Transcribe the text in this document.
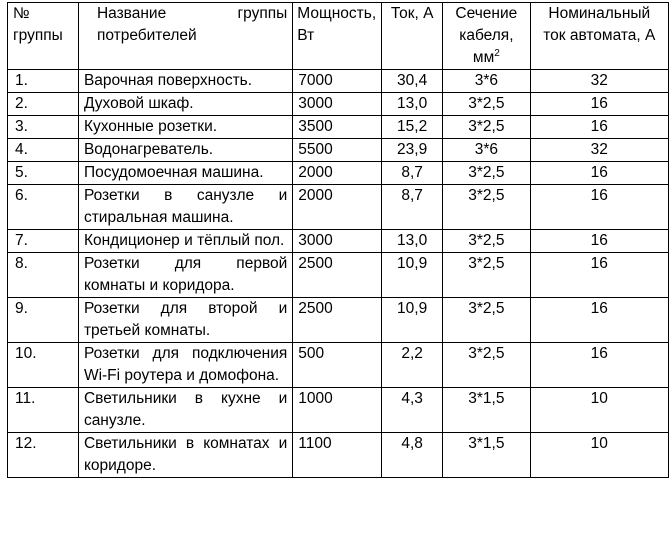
№ группы	Название группы потребителей	Мощность, Вт	Ток, А	Сечение кабеля, $мм^2$	Номинальный ток автомата, А
1.	Варочная поверхность.	7000	30,4	3*6	32
2.	Духовой шкаф.	3000	13,0	3*2,5	16
3.	Кухонные розетки.	3500	15,2	3*2,5	16
4.	Водонагреватель.	5500	23,9	3*6	32
5.	Посудомоечная машина.	2000	8,7	3*2,5	16
6.	Розетки в санузле и стиральная машина.	2000	8,7	3*2,5	16
7.	Кондиционер и тёплый пол.	3000	13,0	3*2,5	16
8.	Розетки для первой комнаты и коридора.	2500	10,9	3*2,5	16
9.	Розетки для второй и третьей комнаты.	2500	10,9	3*2,5	16
10.	Розетки для подключения Wi-Fi роутера и домофона.	500	2,2	3*2,5	16
11.	Светильники в кухне и санузле.	1000	4,3	3*1,5	10
12.	Светильники в комнатах и коридоре.	1100	4,8	3*1,5	10
